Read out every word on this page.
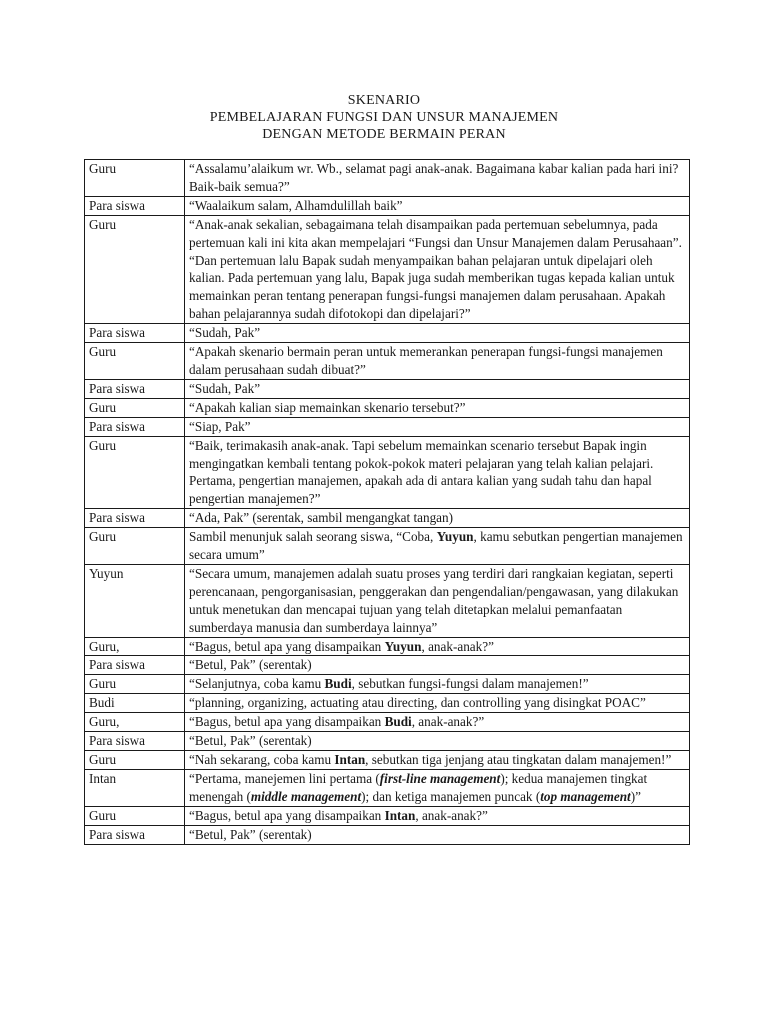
SKENARIO
PEMBELAJARAN FUNGSI DAN UNSUR MANAJEMEN
DENGAN METODE BERMAIN PERAN
Guru	“Assalamu’alaikum wr. Wb., selamat pagi anak-anak. Bagaimana kabar kalian pada hari ini? Baik-baik semua?”

Para siswa	“Waalaikum salam, Alhamdulillah baik”

Guru	“Anak-anak sekalian, sebagaimana telah disampaikan pada pertemuan sebelumnya, pada pertemuan kali ini kita akan mempelajari “Fungsi dan Unsur Manajemen dalam Perusahaan”.
“Dan pertemuan lalu Bapak sudah menyampaikan bahan pelajaran untuk dipelajari oleh kalian. Pada pertemuan yang lalu, Bapak juga sudah memberikan tugas kepada kalian untuk memainkan peran tentang penerapan fungsi-fungsi manajemen dalam perusahaan. Apakah bahan pelajarannya sudah difotokopi dan dipelajari?”

Para siswa	“Sudah, Pak”

Guru	“Apakah skenario bermain peran untuk memerankan penerapan fungsi-fungsi manajemen dalam perusahaan sudah dibuat?”

Para siswa	“Sudah, Pak”

Guru	“Apakah kalian siap memainkan skenario tersebut?”

Para siswa	“Siap, Pak”

Guru	“Baik, terimakasih anak-anak. Tapi sebelum memainkan scenario tersebut Bapak ingin mengingatkan kembali tentang pokok-pokok materi pelajaran yang telah kalian pelajari. Pertama, pengertian manajemen, apakah ada di antara kalian yang sudah tahu dan hapal pengertian manajemen?”

Para siswa	“Ada, Pak” (serentak, sambil mengangkat tangan)

Guru	Sambil menunjuk salah seorang siswa, “Coba, Yuyun, kamu sebutkan pengertian manajemen secara umum”

Yuyun	“Secara umum, manajemen adalah suatu proses yang terdiri dari rangkaian kegiatan, seperti perencanaan, pengorganisasian, penggerakan dan pengendalian/pengawasan, yang dilakukan untuk menetukan dan mencapai tujuan yang telah ditetapkan melalui pemanfaatan sumberdaya manusia dan sumberdaya lainnya”

Guru,	“Bagus, betul apa yang disampaikan Yuyun, anak-anak?”

Para siswa	“Betul, Pak” (serentak)

Guru	“Selanjutnya, coba kamu Budi, sebutkan fungsi-fungsi dalam manajemen!”

Budi	“planning, organizing, actuating atau directing, dan controlling yang disingkat POAC”

Guru,	“Bagus, betul apa yang disampaikan Budi, anak-anak?”

Para siswa	“Betul, Pak” (serentak)

Guru	“Nah sekarang, coba kamu Intan, sebutkan tiga jenjang atau tingkatan dalam manajemen!”

Intan	“Pertama, manejemen lini pertama (first-line management); kedua manajemen tingkat menengah (middle management); dan ketiga manajemen puncak (top management)”

Guru	“Bagus, betul apa yang disampaikan Intan, anak-anak?”

Para siswa	“Betul, Pak” (serentak)
